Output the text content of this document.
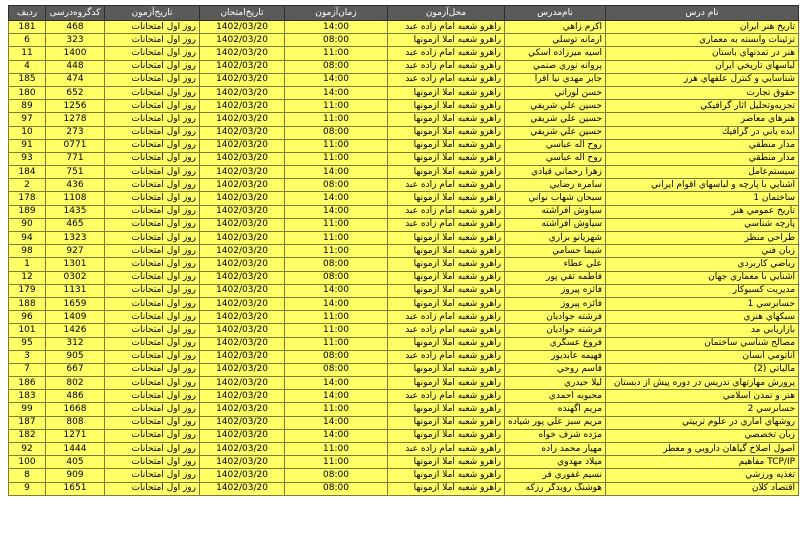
نام درس	نام‌مدرس	محل‌آزمون	زمان‌آزمون	تاریخ‌امتحان	تاریخ‌آزمون	کدگروه‌درسی	ردیف
تاريخ هنر ايران	اكرم زاهي	راهرو شعبه امام زاده عبد	14:00	1402/03/20	روز اول امتحانات	468	181
تزئينات وابسته به معماري	ارمانه توسلي	راهرو شعبه املا ازمونها	08:00	1402/03/20	روز اول امتحانات	323	6
هنر در تمدنهاي باستان	اسيه ميرزاده اسكي	راهرو شعبه امام زاده عبد	11:00	1402/03/20	روز اول امتحانات	1400	11
لباسهاي تاريخي ايران	پروانه نوري صنمي	راهرو شعبه امام زاده عبد	08:00	1402/03/20	روز اول امتحانات	448	4
شناسايي و كنترل علفهاي هرز	جابر مهدي نيا اقرا	راهرو شعبه امام زاده عبد	14:00	1402/03/20	روز اول امتحانات	474	185
حقوق تجارت	حسن لوراني	راهرو شعبه املا ازمونها	14:00	1402/03/20	روز اول امتحانات	652	180
تجزيه‌وتحليل اثار گرافيكي	حسين علي شريفي	راهرو شعبه املا ازمونها	11:00	1402/03/20	روز اول امتحانات	1256	89
هنرهاي معاصر	حسين علي شريفي	راهرو شعبه املا ازمونها	11:00	1402/03/20	روز اول امتحانات	1278	97
ايده يابي در گرافيك	حسين علي شريفي	راهرو شعبه املا ازمونها	08:00	1402/03/20	روز اول امتحانات	273	10
مدار منطقي	روح اله عباسي	راهرو شعبه املا ازمونها	11:00	1402/03/20	روز اول امتحانات	0771	91
مدار منطقي	روح اله عباسي	راهرو شعبه املا ازمونها	11:00	1402/03/20	روز اول امتحانات	771	93
سيستم‌عامل	زهرا رحماني قيادي	راهرو شعبه املا ازمونها	14:00	1402/03/20	روز اول امتحانات	751	184
اشنايي با پارچه و لباسهاي اقوام ايراني	سامره رضايي	راهرو شعبه امام زاده عبد	08:00	1402/03/20	روز اول امتحانات	436	2
ساختمان 1	سبحان شهاب نواني	راهرو شعبه املا ازمونها	14:00	1402/03/20	روز اول امتحانات	1108	178
تاريخ عمومي هنر	سياوش افراشته	راهرو شعبه امام زاده عبد	14:00	1402/03/20	روز اول امتحانات	1435	189
پارچه شناسي	سياوش افراشته	راهرو شعبه امام زاده عبد	11:00	1402/03/20	روز اول امتحانات	465	90
طراحي منظر	شهريانو براري	راهرو شعبه املا ازمونها	11:00	1402/03/20	روز اول امتحانات	1323	94
زبان فني	شيما حسامي	راهرو شعبه املا ازمونها	11:00	1402/03/20	روز اول امتحانات	927	98
رياضي كاربردي	علي عطاء	راهرو شعبه املا ازمونها	08:00	1402/03/20	روز اول امتحانات	1301	1
اشنايي با معماري جهان	فاطمه تقي پور	راهرو شعبه املا ازمونها	08:00	1402/03/20	روز اول امتحانات	0302	12
مديريت كسبوكار	فائزه پيروز	راهرو شعبه املا ازمونها	14:00	1402/03/20	روز اول امتحانات	1131	179
حسابرسي 1	فائزه پيروز	راهرو شعبه املا ازمونها	14:00	1402/03/20	روز اول امتحانات	1659	188
سبكهاي هنري	فرشته جواديان	راهرو شعبه امام زاده عبد	11:00	1402/03/20	روز اول امتحانات	1409	96
بازاريابي مد	فرشته جواديان	راهرو شعبه امام زاده عبد	11:00	1402/03/20	روز اول امتحانات	1426	101
مصالح شناسي ساختمان	فروغ عسگري	راهرو شعبه املا ازمونها	11:00	1402/03/20	روز اول امتحانات	312	95
اناتومي انسان	فهيمه عابديور	راهرو شعبه امام زاده عبد	08:00	1402/03/20	روز اول امتحانات	905	3
مالياتي (2)	قاسم روحي	راهرو شعبه املا ازمونها	08:00	1402/03/20	روز اول امتحانات	667	7
پرورش مهارتهاي تدريس در دوره پيش از دبستان	ليلا حيدري	راهرو شعبه املا ازمونها	14:00	1402/03/20	روز اول امتحانات	802	186
هنر و تمدن اسلامي	محبوبه احمدي	راهرو شعبه امام زاده عبد	14:00	1402/03/20	روز اول امتحانات	486	183
حسابرسي 2	مريم اگهنده	راهرو شعبه املا ازمونها	11:00	1402/03/20	روز اول امتحانات	1668	99
روشهاي اماري در علوم تربيتي	مريم سبز علي پور شياده	راهرو شعبه املا ازمونها	14:00	1402/03/20	روز اول امتحانات	808	187
زبان تخصصي	مژده شرف خواه	راهرو شعبه املا ازمونها	14:00	1402/03/20	روز اول امتحانات	1271	182
اصول اصلاح گياهان دارويي و معطر	مهيار محمد زاده	راهرو شعبه امام زاده عبد	11:00	1402/03/20	روز اول امتحانات	1444	92
TCP/IP مفاهيم	ميلاد مهدوي	راهرو شعبه املا ازمونها	11:00	1402/03/20	روز اول امتحانات	405	100
تغذيه ورزشي	نسيم غفوري فر	راهرو شعبه املا ازمونها	08:00	1402/03/20	روز اول امتحانات	909	8
اقتصاد كلان	هوشنگ رويدگر رزكه	راهرو شعبه املا ازمونها	08:00	1402/03/20	روز اول امتحانات	1651	9
